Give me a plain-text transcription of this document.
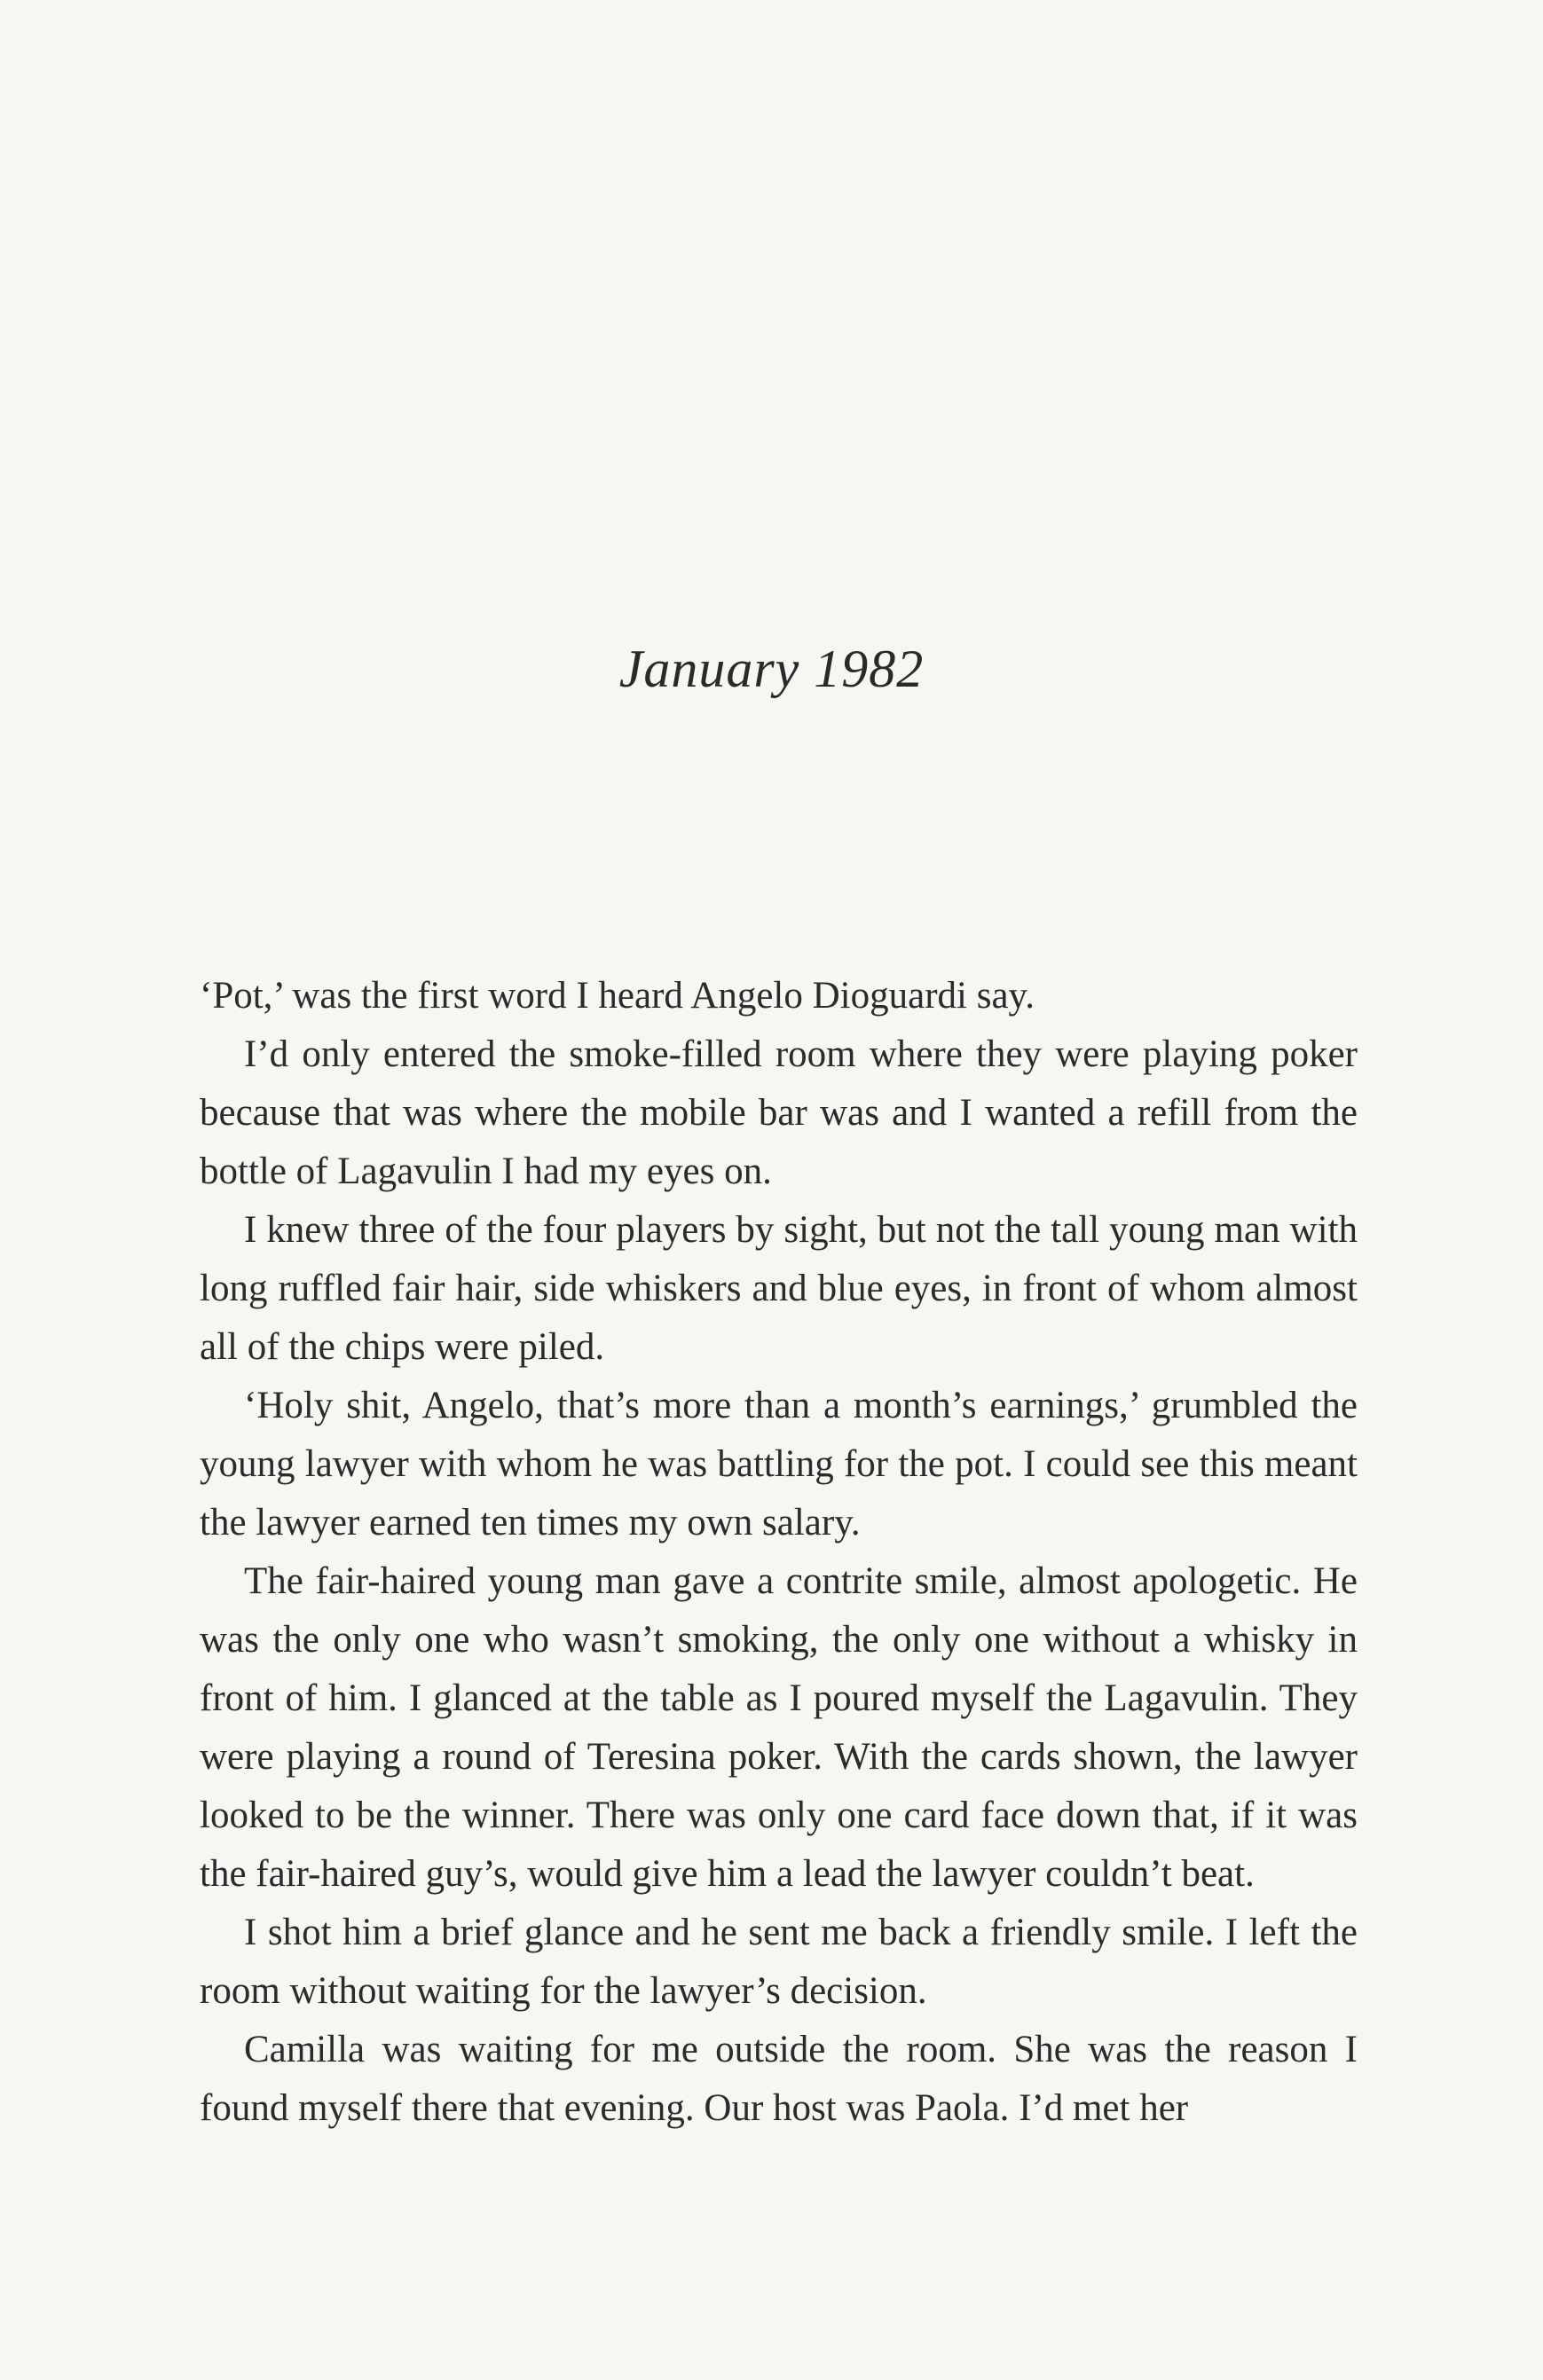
January 1982

‘Pot,’ was the first word I heard Angelo Dioguardi say.

I’d only entered the smoke-filled room where they were playing poker because that was where the mobile bar was and I wanted a refill from the bottle of Lagavulin I had my eyes on.

I knew three of the four players by sight, but not the tall young man with long ruffled fair hair, side whiskers and blue eyes, in front of whom almost all of the chips were piled.

‘Holy shit, Angelo, that’s more than a month’s earnings,’ grumbled the young lawyer with whom he was battling for the pot. I could see this meant the lawyer earned ten times my own salary.

The fair-haired young man gave a contrite smile, almost apologetic. He was the only one who wasn’t smoking, the only one without a whisky in front of him. I glanced at the table as I poured myself the Lagavulin. They were playing a round of Teresina poker. With the cards shown, the lawyer looked to be the winner. There was only one card face down that, if it was the fair-haired guy’s, would give him a lead the lawyer couldn’t beat.

I shot him a brief glance and he sent me back a friendly smile. I left the room without waiting for the lawyer’s decision.

Camilla was waiting for me outside the room. She was the reason I found myself there that evening. Our host was Paola. I’d met her
